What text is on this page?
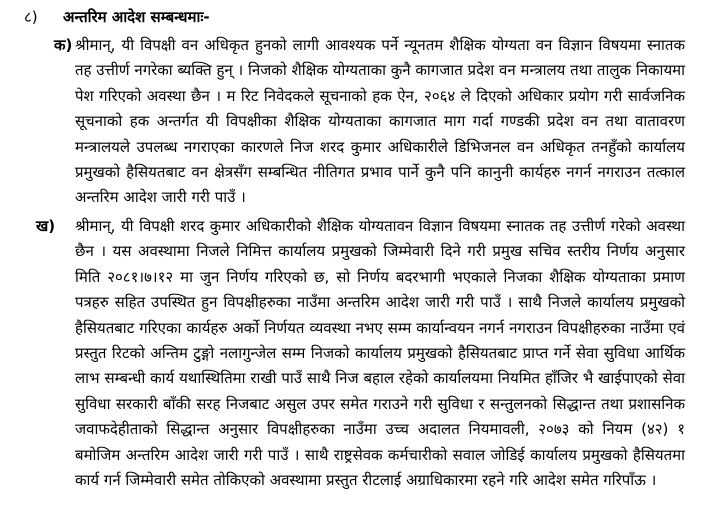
८) अन्तरिम आदेश सम्बन्धमाः-
क) श्रीमान्, यी विपक्षी वन अधिकृत हुनको लागी आवश्यक पर्ने न्यूनतम शैक्षिक योग्यता वन विज्ञान विषयमा स्नातक तह उत्तीर्ण नगरेका ब्यक्ति हुन् । निजको शैक्षिक योग्यताका कुनै कागजात प्रदेश वन मन्त्रालय तथा तालुक निकायमा पेश गरिएको अवस्था छैन । म रिट निवेदकले सूचनाको हक ऐन, २०६४ ले दिएको अधिकार प्रयोग गरी सार्वजनिक सूचनाको हक अन्तर्गत यी विपक्षीका शैक्षिक योग्यताका कागजात माग गर्दा गण्डकी प्रदेश वन तथा वातावरण मन्त्रालयले उपलब्ध नगराएका कारणले निज शरद कुमार अधिकारीले डिभिजनल वन अधिकृत तनहुँको कार्यालय प्रमुखको हैसियतबाट वन क्षेत्रसँग सम्बन्धित नीतिगत प्रभाव पार्ने कुनै पनि कानुनी कार्यहरु नगर्न नगराउन तत्काल अन्तरिम आदेश जारी गरी पाउँ ।

ख) श्रीमान्, यी विपक्षी शरद कुमार अधिकारीको शैक्षिक योग्यतावन विज्ञान विषयमा स्नातक तह उत्तीर्ण गरेको अवस्था छैन । यस अवस्थामा निजले निमित्त कार्यालय प्रमुखको जिम्मेवारी दिने गरी प्रमुख सचिव स्तरीय निर्णय अनुसार मिति २०८१।७।१२ मा जुन निर्णय गरिएको छ, सो निर्णय बदरभागी भएकाले निजका शैक्षिक योग्यताका प्रमाण पत्रहरु सहित उपस्थित हुन विपक्षीहरुका नाउँमा अन्तरिम आदेश जारी गरी पाउँ । साथै निजले कार्यालय प्रमुखको हैसियतबाट गरिएका कार्यहरु अर्को निर्णयत व्यवस्था नभए सम्म कार्यान्वयन नगर्न नगराउन विपक्षीहरुका नाउँमा एवं प्रस्तुत रिटको अन्तिम टुङ्गो नलागुन्जेल सम्म निजको कार्यालय प्रमुखको हैसियतबाट प्राप्त गर्ने सेवा सुविधा आर्थिक लाभ सम्बन्धी कार्य यथास्थितिमा राखी पाउँ साथै निज बहाल रहेको कार्यालयमा नियमित हाँजिर भै खाईपाएको सेवा सुविधा सरकारी बाँकी सरह निजबाट असुल उपर समेत गराउने गरी सुविधा र सन्तुलनको सिद्धान्त तथा प्रशासनिक जवाफदेहीताको सिद्धान्त अनुसार विपक्षीहरुका नाउँमा उच्च अदालत नियमावली, २०७३ को नियम (४२) १ बमोजिम अन्तरिम आदेश जारी गरी पाउँ । साथै राष्ट्रसेवक कर्मचारीको सवाल जोडिई कार्यालय प्रमुखको हैसियतमा कार्य गर्न जिम्मेवारी समेत तोकिएको अवस्थामा प्रस्तुत रीटलाई अग्राधिकारमा रहने गरि आदेश समेत गरिपाँऊ ।
